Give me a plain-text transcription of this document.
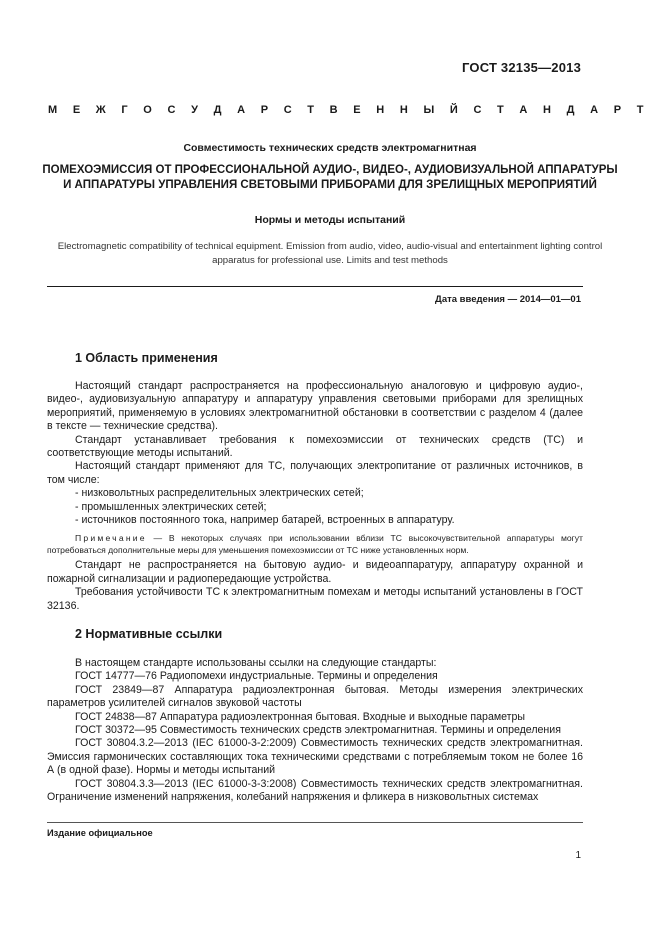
ГОСТ 32135—2013
М Е Ж Г О С У Д А Р С Т В Е Н Н Ы Й С Т А Н Д А Р Т
Совместимость технических средств электромагнитная
ПОМЕХОЭМИССИЯ ОТ ПРОФЕССИОНАЛЬНОЙ АУДИО-, ВИДЕО-, АУДИОВИЗУАЛЬНОЙ АППАРАТУРЫ И АППАРАТУРЫ УПРАВЛЕНИЯ СВЕТОВЫМИ ПРИБОРАМИ ДЛЯ ЗРЕЛИЩНЫХ МЕРОПРИЯТИЙ
Нормы и методы испытаний
Electromagnetic compatibility of technical equipment. Emission from audio, video, audio-visual and entertainment lighting control apparatus for professional use. Limits and test methods
Дата введения — 2014—01—01
1 Область применения

Настоящий стандарт распространяется на профессиональную аналоговую и цифровую аудио-, видео-, аудиовизуальную аппаратуру и аппаратуру управления световыми приборами для зрелищных мероприятий, применяемую в условиях электромагнитной обстановки в соответствии с разделом 4 (далее в тексте — технические средства).

Стандарт устанавливает требования к помехоэмиссии от технических средств (ТС) и соответствующие методы испытаний.

Настоящий стандарт применяют для ТС, получающих электропитание от различных источников, в том числе:

- низковольтных распределительных электрических сетей;

- промышленных электрических сетей;

- источников постоянного тока, например батарей, встроенных в аппаратуру.

Примечание — В некоторых случаях при использовании вблизи ТС высокочувствительной аппаратуры могут потребоваться дополнительные меры для уменьшения помехоэмиссии от ТС ниже установленных норм.

Стандарт не распространяется на бытовую аудио- и видеоаппаратуру, аппаратуру охранной и пожарной сигнализации и радиопередающие устройства.

Требования устойчивости ТС к электромагнитным помехам и методы испытаний установлены в ГОСТ 32136.

2 Нормативные ссылки

В настоящем стандарте использованы ссылки на следующие стандарты:

ГОСТ 14777—76 Радиопомехи индустриальные. Термины и определения

ГОСТ 23849—87 Аппаратура радиоэлектронная бытовая. Методы измерения электрических параметров усилителей сигналов звуковой частоты

ГОСТ 24838—87 Аппаратура радиоэлектронная бытовая. Входные и выходные параметры

ГОСТ 30372—95 Совместимость технических средств электромагнитная. Термины и определения

ГОСТ 30804.3.2—2013 (IEC 61000-3-2:2009) Совместимость технических средств электромагнитная. Эмиссия гармонических составляющих тока техническими средствами с потребляемым током не более 16 А (в одной фазе). Нормы и методы испытаний

ГОСТ 30804.3.3—2013 (IEC 61000-3-3:2008) Совместимость технических средств электромагнитная. Ограничение изменений напряжения, колебаний напряжения и фликера в низковольтных системах

Издание официальное
1
